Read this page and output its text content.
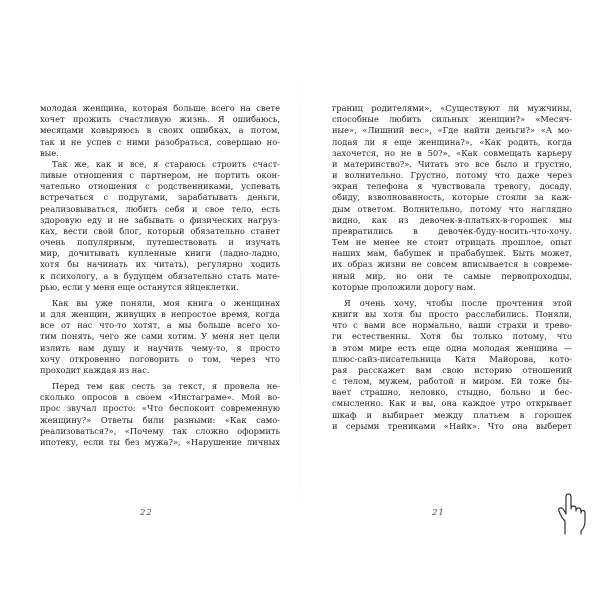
молодая женщина, которая больше всего на свете
хочет прожить счастливую жизнь. Я ошибаюсь,
месяцами ковыряюсь в своих ошибках, а потом,
так и не успев с ними разобраться, совершаю но-
вые.
Так же, как и все, я стараюсь строить счаст-
ливые отношения с партнером, не портить окон-
чательно отношения с родственниками, успевать
встречаться с подругами, зарабатывать деньги,
реализовываться, любить себя и свое тело, есть
здоровую еду и не забывать о физических нагруз-
ках, вести свой блог, который обязательно станет
очень популярным, путешествовать и изучать
мир, дочитывать купленные книги (ладно-ладно,
хотя бы начинать их читать), регулярно ходить
к психологу, а в будущем обязательно стать мате-
рью, если у меня еще останутся яйцеклетки.
Как вы уже поняли, моя книга о женщинах
и для женщин, живущих в непростое время, когда
все от нас что-то хотят, а мы больше всего хо-
тим понять, чего же сами хотим. У меня нет цели
излить вам душу и научить чему-то, я просто
хочу откровенно поговорить о том, через что
проходит каждая из нас.
Перед тем как сесть за текст, я провела не-
сколько опросов в своем «Инстаграме». Мой во-
прос звучал просто: «Что беспокоит современную
женщину?» Ответы били разными: «Как само-
реализоваться?», «Почему так сложно оформить
ипотеку, если ты без мужа?», «Нарушение личных
границ родителями», «Существуют ли мужчины,
способные любить сильных женщин?» «Месяч-
ные», «Лишний вес», «Где найти деньги?» «А мо-
лодая ли я еще женщина?», «Как родить, когда
захочется, но не в 50?», «Как совмещать карьеру
и материнство?». Читать это все было и грустно,
и волнительно. Грустно, потому что даже через
экран телефона я чувствовала тревогу, досаду,
обиду, взволнованность, которые стояли за каж-
дым ответом. Волнительно, потому что наглядно
видно, как из девочек-в-платьях-в-горошек мы
превратились в девочек-буду-носить-что-хочу.
Тем не менее не стоит отрицать прошлое, опыт
наших мам, бабушек и прабабушек. Быть может,
их образ жизни не совсем вписывается в совреме-
нный мир, но они те самые первопроходцы,
которые проложили дорогу нам.
Я очень хочу, чтобы после прочтения этой
книги вы хотя бы просто расслабились. Поняли,
что с вами все нормально, ваши страхи и трево-
ги естественны. Хотя бы только потому, что
в этом мире есть еще одна молодая женщина —
плюс-сайз-писательница Катя Майорова, кото-
рая расскажет вам свою историю отношений
с телом, мужем, работой и миром. Ей тоже бы-
вает страшно, неловко, стыдно, больно и бес-
смысленно. Как и вы, она каждое утро открывает
шкаф и выбирает между платьем в горошек
и серыми трениками «Найк». Что она выберет
22	21
